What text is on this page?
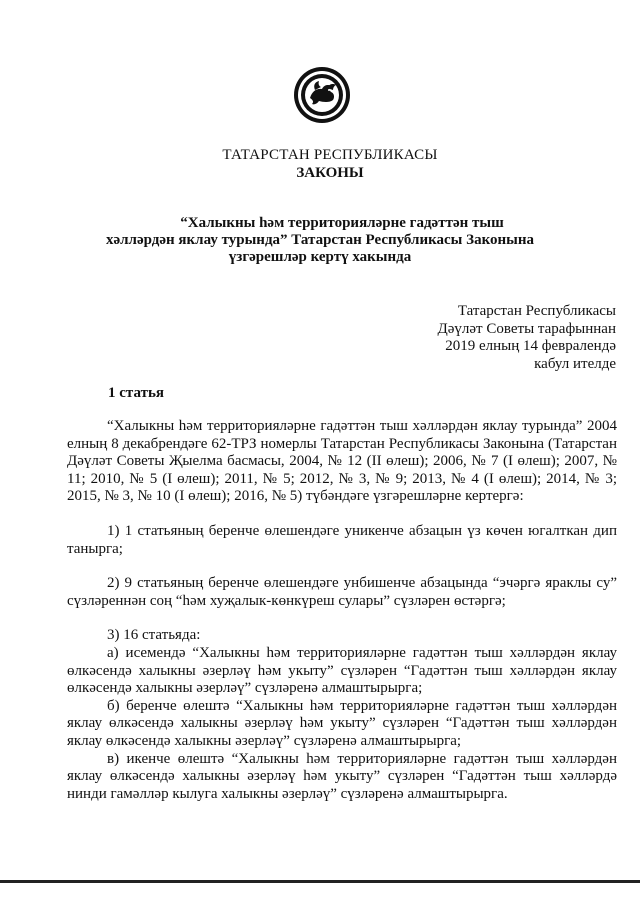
ТАТАРСТАН РЕСПУБЛИКАСЫ
ЗАКОНЫ
“Халыкны һәм территорияләрне гадәттән тыш
хәлләрдән яклау турында” Татарстан Республикасы Законына
үзгәрешләр кертү хакында
Татарстан Республикасы
Дәүләт Советы тарафыннан
2019 елның 14 февралендә
кабул ителде
1 статья

“Халыкны һәм территорияләрне гадәттән тыш хәлләрдән яклау турында” 2004 елның 8 декабрендәге 62-ТРЗ номерлы Татарстан Республикасы Законына (Татарстан Дәүләт Советы Җыелма басмасы, 2004, № 12 (II өлеш); 2006, № 7 (I өлеш); 2007, № 11; 2010, № 5 (I өлеш); 2011, № 5; 2012, № 3, № 9; 2013, № 4 (I өлеш); 2014, № 3; 2015, № 3, № 10 (I өлеш); 2016, № 5) түбәндәге үзгәрешләрне кертергә:

1) 1 статьяның беренче өлешендәге уникенче абзацын үз көчен югалткан дип танырга;

2) 9 статьяның беренче өлешендәге унбишенче абзацында “эчәргә яраклы су” сүзләреннән соң “һәм хуҗалык-көнкүреш сулары” сүзләрен өстәргә;

3) 16 статьяда:

а) исемендә “Халыкны һәм территорияләрне гадәттән тыш хәлләрдән яклау өлкәсендә халыкны әзерләү һәм укыту” сүзләрен “Гадәттән тыш хәлләрдән яклау өлкәсендә халыкны әзерләү” сүзләренә алмаштырырга;

б) беренче өлештә “Халыкны һәм территорияләрне гадәттән тыш хәлләрдән яклау өлкәсендә халыкны әзерләү һәм укыту” сүзләрен “Гадәттән тыш хәлләрдән яклау өлкәсендә халыкны әзерләү” сүзләренә алмаштырырга;

в) икенче өлештә “Халыкны һәм территорияләрне гадәттән тыш хәлләрдән яклау өлкәсендә халыкны әзерләү һәм укыту” сүзләрен “Гадәттән тыш хәлләрдә нинди гамәлләр кылуга халыкны әзерләү” сүзләренә алмаштырырга.
